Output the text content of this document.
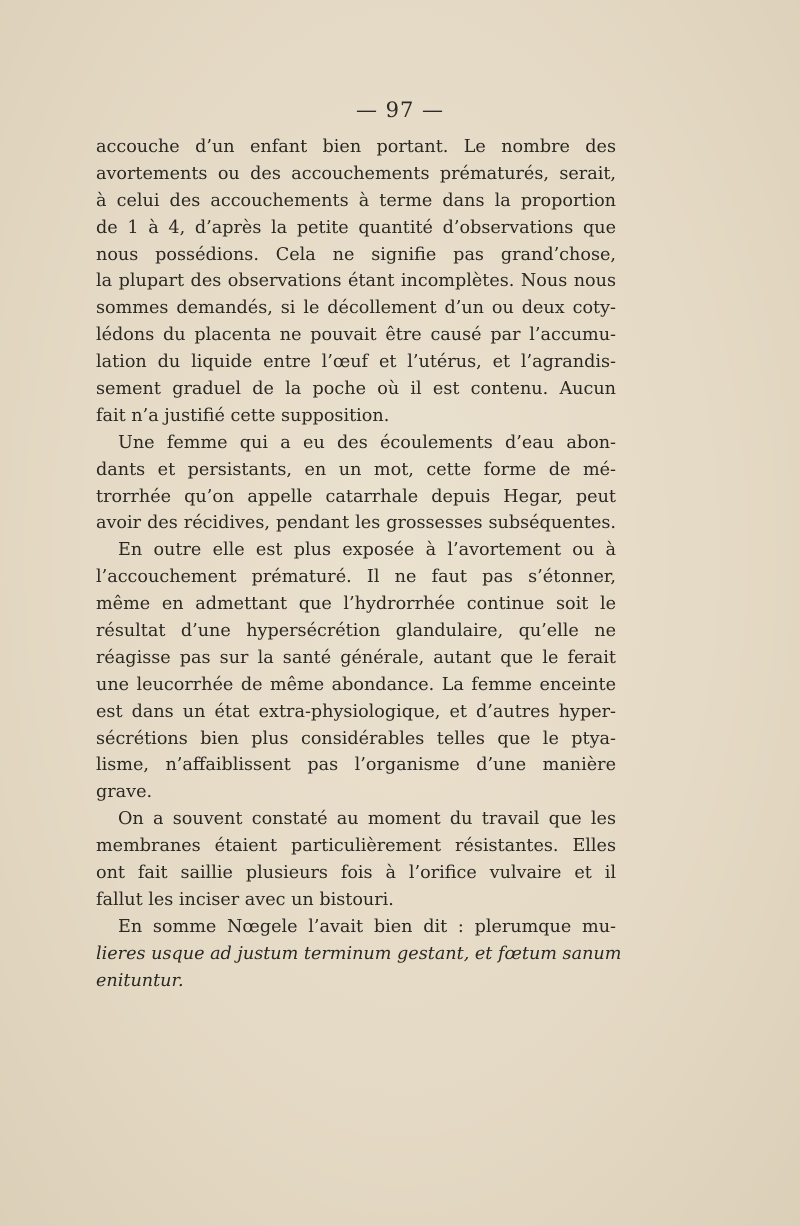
— 97 —
accouche d’un enfant bien portant. Le nombre des
avortements ou des accouchements prématurés, serait,
à celui des accouchements à terme dans la proportion
de 1 à 4, d’après la petite quantité d’observations que
nous possédions. Cela ne signifie pas grand’chose,
la plupart des observations étant incomplètes. Nous nous
sommes demandés, si le décollement d’un ou deux coty-
lédons du placenta ne pouvait être causé par l’accumu-
lation du liquide entre l’œuf et l’utérus, et l’agrandis-
sement graduel de la poche où il est contenu. Aucun
fait n’a justifié cette supposition.
Une femme qui a eu des écoulements d’eau abon-
dants et persistants, en un mot, cette forme de mé-
trorrhée qu’on appelle catarrhale depuis Hegar, peut
avoir des récidives, pendant les grossesses subséquentes.
En outre elle est plus exposée à l’avortement ou à
l’accouchement prématuré. Il ne faut pas s’étonner,
même en admettant que l’hydrorrhée continue soit le
résultat d’une hypersécrétion glandulaire, qu’elle ne
réagisse pas sur la santé générale, autant que le ferait
une leucorrhée de même abondance. La femme enceinte
est dans un état extra-physiologique, et d’autres hyper-
sécrétions bien plus considérables telles que le ptya-
lisme, n’affaiblissent pas l’organisme d’une manière
grave.
On a souvent constaté au moment du travail que les
membranes étaient particulièrement résistantes. Elles
ont fait saillie plusieurs fois à l’orifice vulvaire et il
fallut les inciser avec un bistouri.
En somme Nœgele l’avait bien dit : plerumque mu-
lieres usque ad justum terminum gestant, et fœtum sanum
enituntur.
